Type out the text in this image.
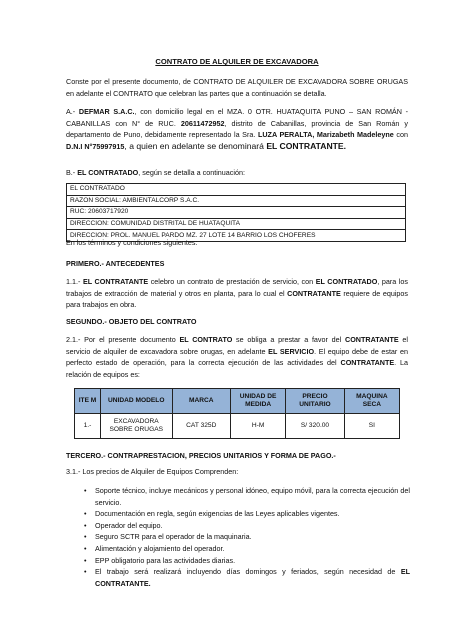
CONTRATO DE ALQUILER DE EXCAVADORA

Conste por el presente documento, de CONTRATO DE ALQUILER DE EXCAVADORA SOBRE ORUGAS en adelante el CONTRATO que celebran las partes que a continuación se detalla.

A.- DEFMAR S.A.C., con domicilio legal en el MZA. 0 OTR. HUATAQUITA PUNO – SAN ROMÁN - CABANILLAS con N° de RUC. 20611472952, distrito de Cabanillas, provincia de San Román y departamento de Puno, debidamente representado la Sra. LUZA PERALTA, Marizabeth Madeleyne con D.N.I N°75997915, a quien en adelante se denominará EL CONTRATANTE.

B.- EL CONTRATADO, según se detalla a continuación:

EL CONTRATADO
RAZON SOCIAL: AMBIENTALCORP S.A.C.
RUC: 20603717920
DIRECCION: COMUNIDAD DISTRITAL DE HUATAQUITA
DIRECCION: PROL. MANUEL PARDO MZ. 27 LOTE 14 BARRIO LOS CHOFERES

En los términos y condiciones siguientes:

PRIMERO.- ANTECEDENTES

1.1.- EL CONTRATANTE celebro un contrato de prestación de servicio, con EL CONTRATADO, para los trabajos de extracción de material y otros en planta, para lo cual el CONTRATANTE requiere de equipos para trabajos en obra.

SEGUNDO.- OBJETO DEL CONTRATO

2.1.- Por el presente documento EL CONTRATO se obliga a prestar a favor del CONTRATANTE el servicio de alquiler de excavadora sobre orugas, en adelante EL SERVICIO. El equipo debe de estar en perfecto estado de operación, para la correcta ejecución de las actividades del CONTRATANTE. La relación de equipos es:

ITE M	UNIDAD MODELO	MARCA	UNIDAD DE MEDIDA	PRECIO UNITARIO	MAQUINA SECA
1.-	EXCAVADORA SOBRE ORUGAS	CAT 325D	H-M	S/ 320.00	SI

TERCERO.- CONTRAPRESTACION, PRECIOS UNITARIOS Y FORMA DE PAGO.-

3.1.- Los precios de Alquiler de Equipos Comprenden:

• Soporte técnico, incluye mecánicos y personal idóneo, equipo móvil, para la correcta ejecución del servicio.
• Documentación en regla, según exigencias de las Leyes aplicables vigentes.
• Operador del equipo.
• Seguro SCTR para el operador de la maquinaria.
• Alimentación y alojamiento del operador.
• EPP obligatorio para las actividades diarias.
• El trabajo será realizará incluyendo días domingos y feriados, según necesidad de EL CONTRATANTE.
